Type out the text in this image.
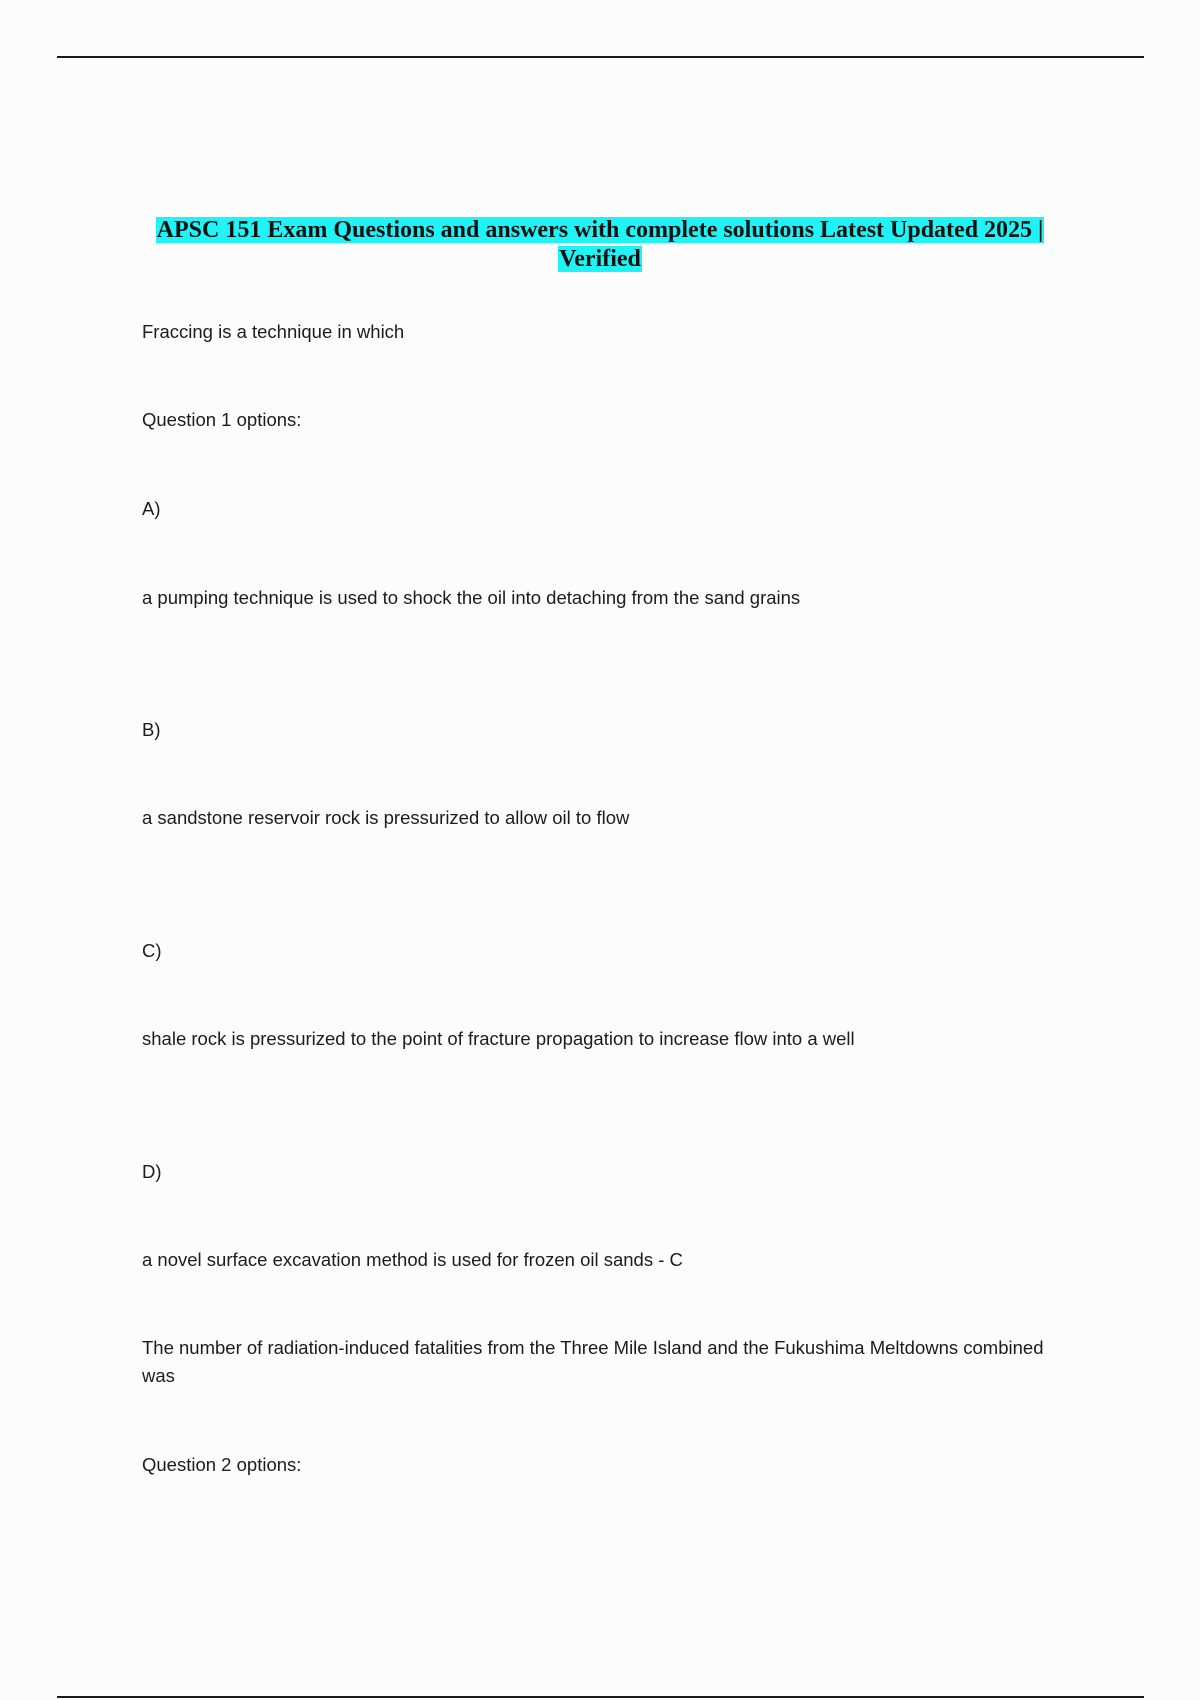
APSC 151 Exam Questions and answers with complete solutions Latest Updated 2025 |
Verified
Fraccing is a technique in which
Question 1 options:
A)
a pumping technique is used to shock the oil into detaching from the sand grains
B)
a sandstone reservoir rock is pressurized to allow oil to flow
C)
shale rock is pressurized to the point of fracture propagation to increase flow into a well
D)
a novel surface excavation method is used for frozen oil sands - C
The number of radiation-induced fatalities from the Three Mile Island and the Fukushima Meltdowns combined was
Question 2 options:
